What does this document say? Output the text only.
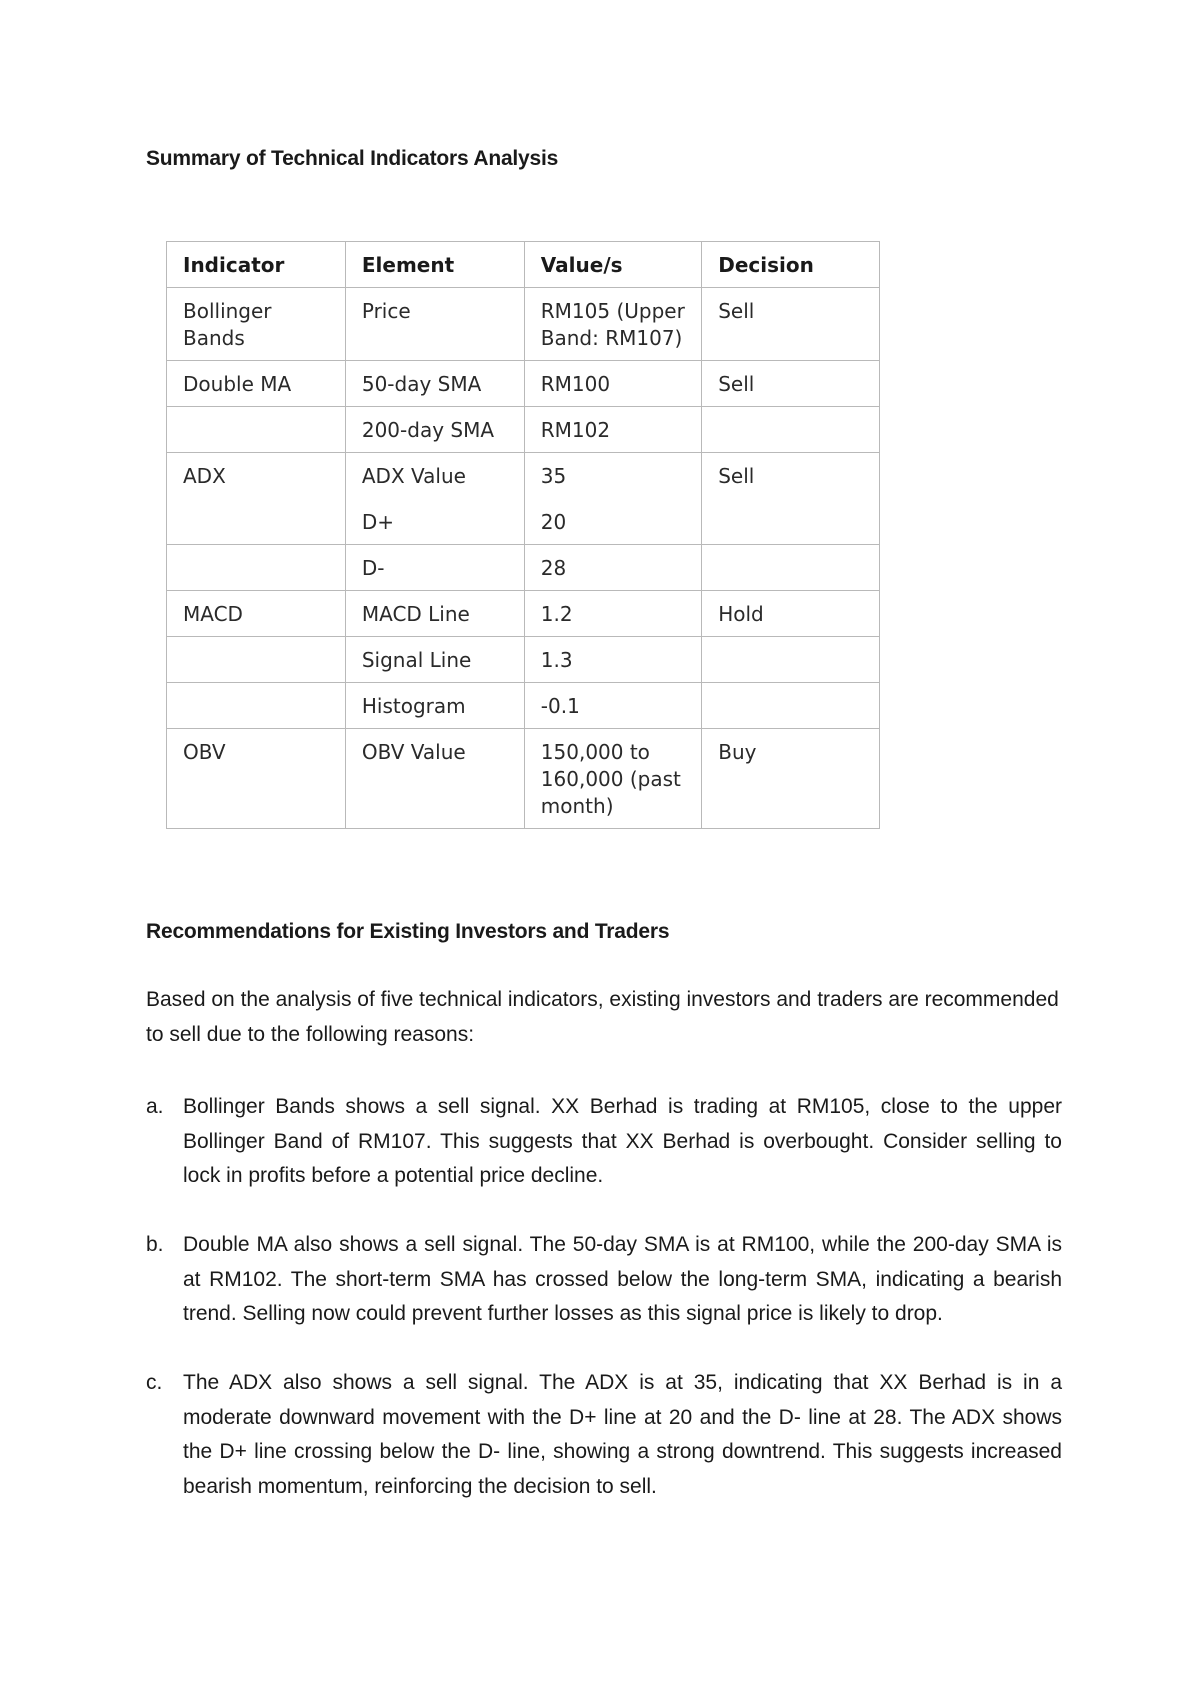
Summary of Technical Indicators Analysis
Indicator	Element	Value/s	Decision
Bollinger Bands	Price	RM105 (Upper Band: RM107)	Sell
Double MA	50-day SMA	RM100	Sell
	200-day SMA	RM102	
ADX	ADX Value	35	Sell
	D+	20	
	D-	28	
MACD	MACD Line	1.2	Hold
	Signal Line	1.3	
	Histogram	-0.1	
OBV	OBV Value	150,000 to 160,000 (past month)	Buy
Recommendations for Existing Investors and Traders

Based on the analysis of five technical indicators, existing investors and traders are recommended to sell due to the following reasons:

a. Bollinger Bands shows a sell signal. XX Berhad is trading at RM105, close to the upper Bollinger Band of RM107. This suggests that XX Berhad is overbought. Consider selling to lock in profits before a potential price decline.
b. Double MA also shows a sell signal. The 50-day SMA is at RM100, while the 200-day SMA is at RM102. The short-term SMA has crossed below the long-term SMA, indicating a bearish trend. Selling now could prevent further losses as this signal price is likely to drop.
c. The ADX also shows a sell signal. The ADX is at 35, indicating that XX Berhad is in a moderate downward movement with the D+ line at 20 and the D- line at 28. The ADX shows the D+ line crossing below the D- line, showing a strong downtrend. This suggests increased bearish momentum, reinforcing the decision to sell.
